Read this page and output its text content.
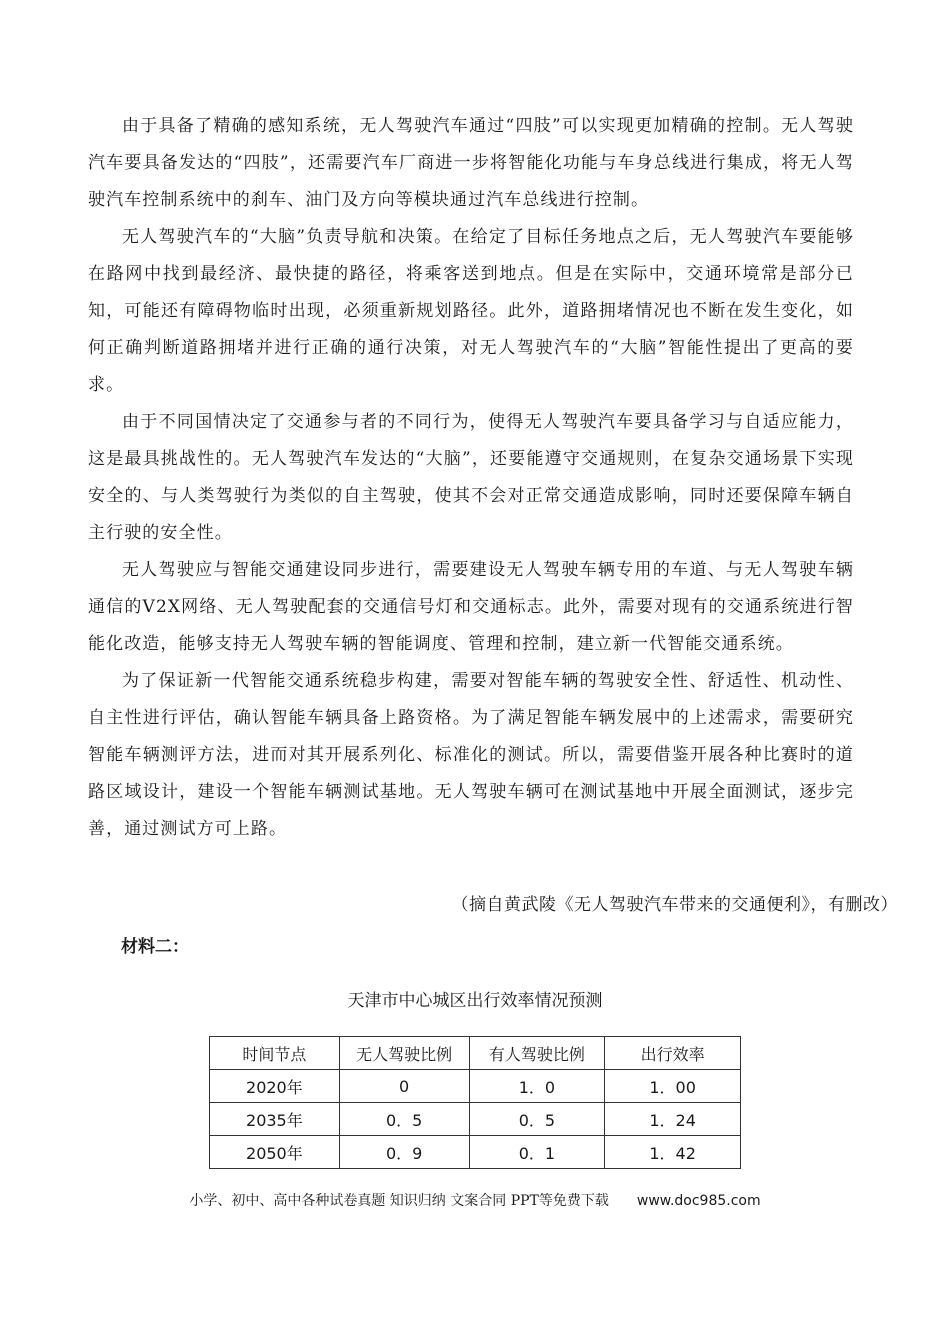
由于具备了精确的感知系统，无人驾驶汽车通过“四肢”可以实现更加精确的控制。无人驾驶汽车要具备发达的“四肢”，还需要汽车厂商进一步将智能化功能与车身总线进行集成，将无人驾驶汽车控制系统中的刹车、油门及方向等模块通过汽车总线进行控制。

无人驾驶汽车的“大脑”负责导航和决策。在给定了目标任务地点之后，无人驾驶汽车要能够在路网中找到最经济、最快捷的路径，将乘客送到地点。但是在实际中，交通环境常是部分已知，可能还有障碍物临时出现，必须重新规划路径。此外，道路拥堵情况也不断在发生变化，如何正确判断道路拥堵并进行正确的通行决策，对无人驾驶汽车的“大脑”智能性提出了更高的要求。

由于不同国情决定了交通参与者的不同行为，使得无人驾驶汽车要具备学习与自适应能力，这是最具挑战性的。无人驾驶汽车发达的“大脑”，还要能遵守交通规则，在复杂交通场景下实现安全的、与人类驾驶行为类似的自主驾驶，使其不会对正常交通造成影响，同时还要保障车辆自主行驶的安全性。

无人驾驶应与智能交通建设同步进行，需要建设无人驾驶车辆专用的车道、与无人驾驶车辆通信的V2X网络、无人驾驶配套的交通信号灯和交通标志。此外，需要对现有的交通系统进行智能化改造，能够支持无人驾驶车辆的智能调度、管理和控制，建立新一代智能交通系统。

为了保证新一代智能交通系统稳步构建，需要对智能车辆的驾驶安全性、舒适性、机动性、自主性进行评估，确认智能车辆具备上路资格。为了满足智能车辆发展中的上述需求，需要研究智能车辆测评方法，进而对其开展系列化、标准化的测试。所以，需要借鉴开展各种比赛时的道路区域设计，建设一个智能车辆测试基地。无人驾驶车辆可在测试基地中开展全面测试，逐步完善，通过测试方可上路。

（摘自黄武陵《无人驾驶汽车带来的交通便利》，有删改）
材料二：
天津市中心城区出行效率情况预测
时间节点	无人驾驶比例	有人驾驶比例	出行效率
2020年	0	1．0	1．00
2035年	0．5	0．5	1．24
2050年	0．9	0．1	1．42
小学、初中、高中各种试卷真题 知识归纳 文案合同 PPT等免费下载 www.doc985.com
